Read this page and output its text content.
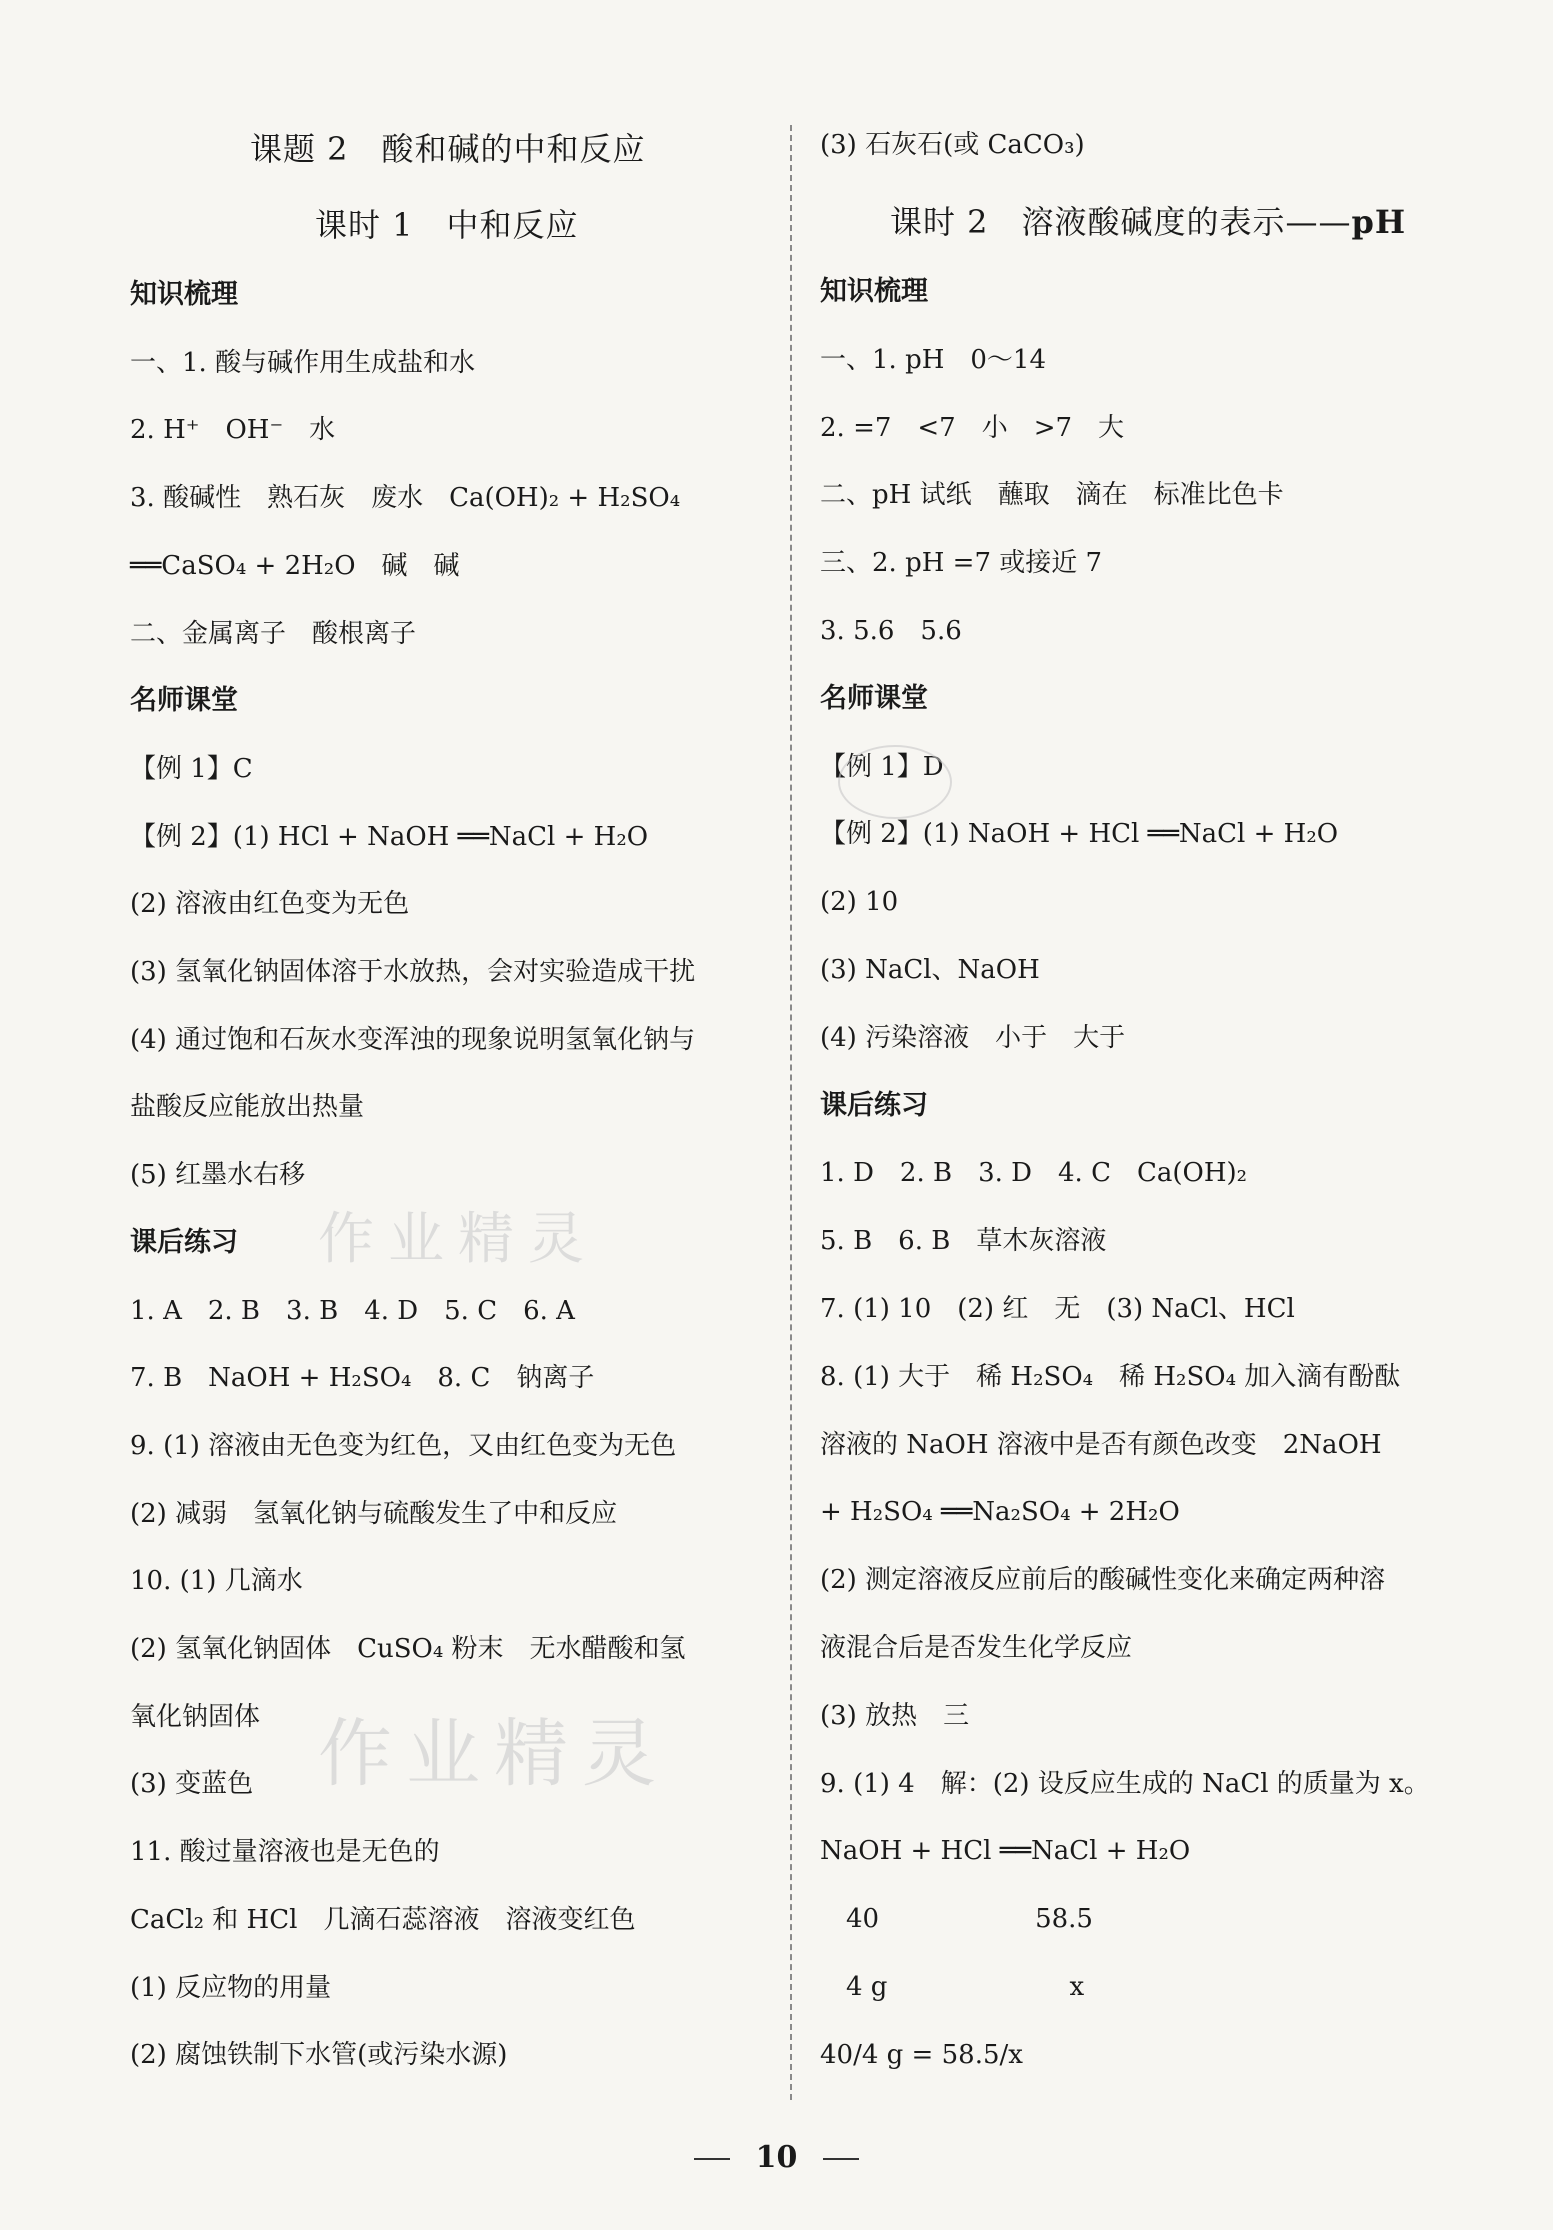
课题 2　酸和碱的中和反应
课时 1　中和反应
知识梳理
一、1. 酸与碱作用生成盐和水
2. H⁺　OH⁻　水
3. 酸碱性　熟石灰　废水　Ca(OH)₂ + H₂SO₄
══CaSO₄ + 2H₂O　碱　碱
二、金属离子　酸根离子
名师课堂
【例 1】C
【例 2】(1) HCl + NaOH ══NaCl + H₂O
(2) 溶液由红色变为无色
(3) 氢氧化钠固体溶于水放热，会对实验造成干扰
(4) 通过饱和石灰水变浑浊的现象说明氢氧化钠与
盐酸反应能放出热量
(5) 红墨水右移
课后练习
1. A　2. B　3. B　4. D　5. C　6. A
7. B　NaOH + H₂SO₄　8. C　钠离子
9. (1) 溶液由无色变为红色，又由红色变为无色
(2) 减弱　氢氧化钠与硫酸发生了中和反应
10. (1) 几滴水
(2) 氢氧化钠固体　CuSO₄ 粉末　无水醋酸和氢
氧化钠固体
(3) 变蓝色
11. 酸过量溶液也是无色的
CaCl₂ 和 HCl　几滴石蕊溶液　溶液变红色
(1) 反应物的用量
(2) 腐蚀铁制下水管(或污染水源)
(3) 石灰石(或 CaCO₃)
课时 2　溶液酸碱度的表示——pH
知识梳理
一、1. pH　0～14
2. =7　<7　小　>7　大
二、pH 试纸　蘸取　滴在　标准比色卡
三、2. pH =7 或接近 7
3. 5.6　5.6
名师课堂
【例 1】D
【例 2】(1) NaOH + HCl ══NaCl + H₂O
(2) 10
(3) NaCl、NaOH
(4) 污染溶液　小于　大于
课后练习
1. D　2. B　3. D　4. C　Ca(OH)₂
5. B　6. B　草木灰溶液
7. (1) 10　(2) 红　无　(3) NaCl、HCl
8. (1) 大于　稀 H₂SO₄　稀 H₂SO₄ 加入滴有酚酞
溶液的 NaOH 溶液中是否有颜色改变　2NaOH
+ H₂SO₄ ══Na₂SO₄ + 2H₂O
(2) 测定溶液反应前后的酸碱性变化来确定两种溶
液混合后是否发生化学反应
(3) 放热　三
9. (1) 4　解：(2) 设反应生成的 NaCl 的质量为 x。
NaOH + HCl ══NaCl + H₂O
　40　　　　　　58.5
　4 g　　　　　　　x
40/4 g = 58.5/x
作业精灵
作业精灵
10
